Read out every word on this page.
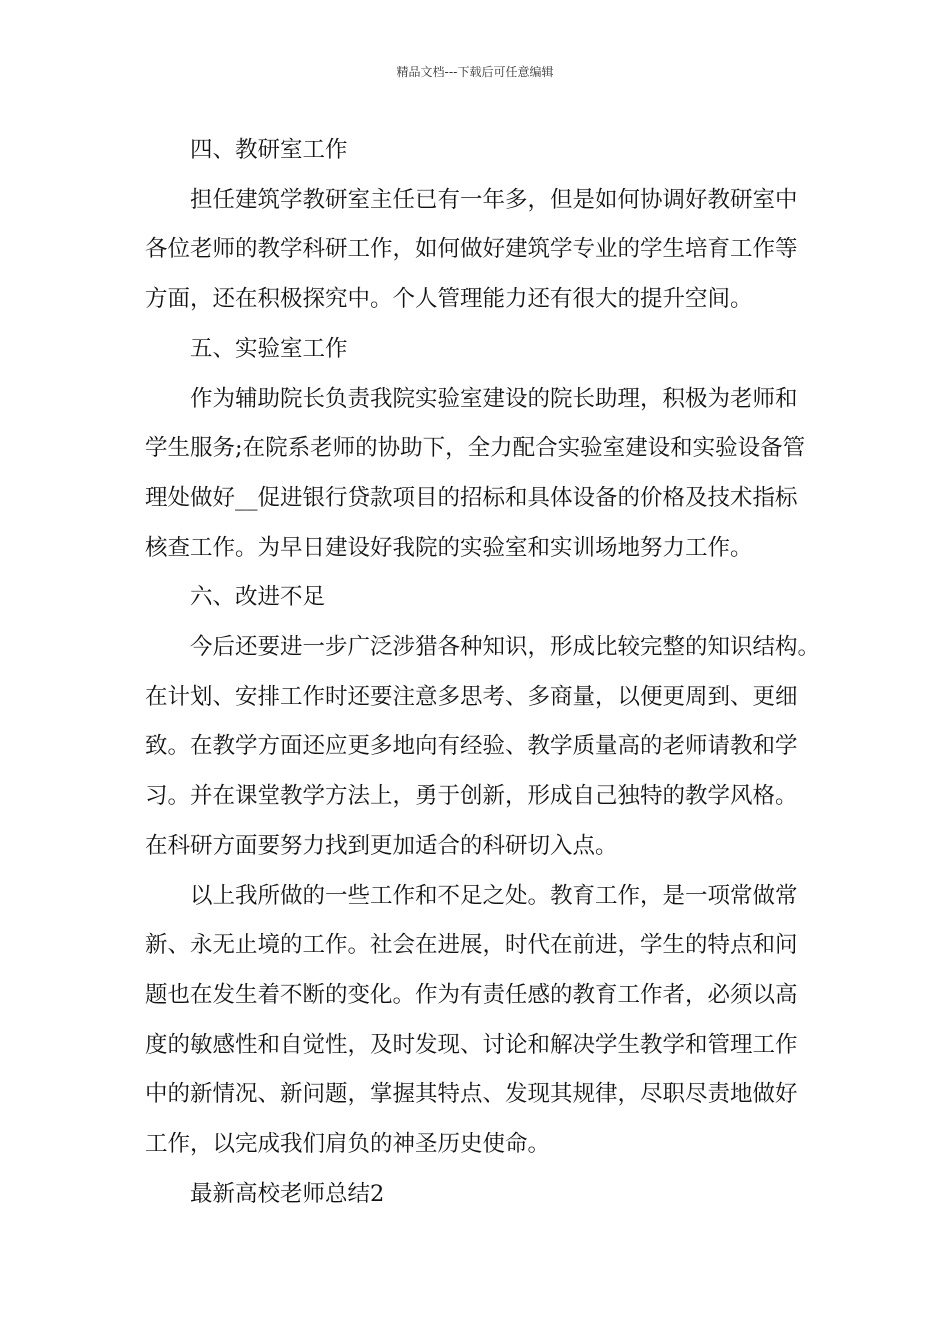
精品文档---下载后可任意编辑

四、教研室工作

担任建筑学教研室主任已有一年多，但是如何协调好教研室中
各位老师的教学科研工作，如何做好建筑学专业的学生培育工作等
方面，还在积极探究中。个人管理能力还有很大的提升空间。

五、实验室工作

作为辅助院长负责我院实验室建设的院长助理，积极为老师和
学生服务;在院系老师的协助下，全力配合实验室建设和实验设备管
理处做好__促进银行贷款项目的招标和具体设备的价格及技术指标
核查工作。为早日建设好我院的实验室和实训场地努力工作。

六、改进不足

今后还要进一步广泛涉猎各种知识，形成比较完整的知识结构。
在计划、安排工作时还要注意多思考、多商量，以便更周到、更细
致。在教学方面还应更多地向有经验、教学质量高的老师请教和学
习。并在课堂教学方法上，勇于创新，形成自己独特的教学风格。
在科研方面要努力找到更加适合的科研切入点。

以上我所做的一些工作和不足之处。教育工作，是一项常做常
新、永无止境的工作。社会在进展，时代在前进，学生的特点和问
题也在发生着不断的变化。作为有责任感的教育工作者，必须以高
度的敏感性和自觉性，及时发现、讨论和解决学生教学和管理工作
中的新情况、新问题，掌握其特点、发现其规律，尽职尽责地做好
工作，以完成我们肩负的神圣历史使命。

最新高校老师总结2
